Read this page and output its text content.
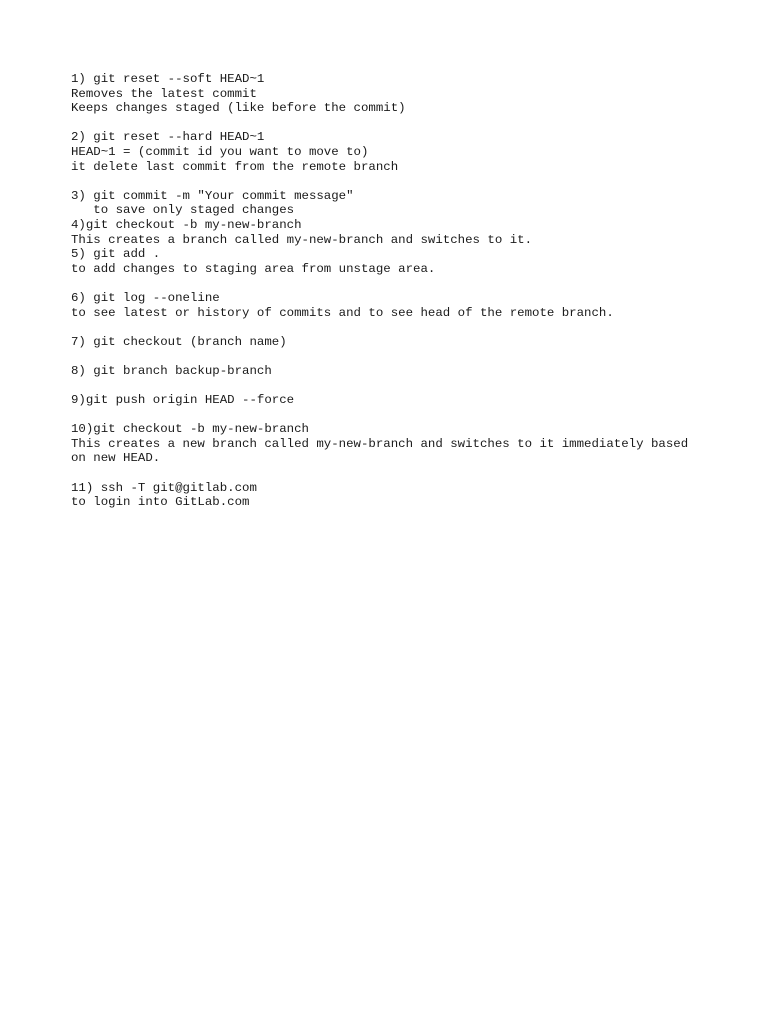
1) git reset --soft HEAD~1
Removes the latest commit
Keeps changes staged (like before the commit)
2) git reset --hard HEAD~1
HEAD~1 = (commit id you want to move to)
it delete last commit from the remote branch
3) git commit -m "Your commit message"
to save only staged changes
4)git checkout -b my-new-branch
This creates a branch called my-new-branch and switches to it.
5) git add .
to add changes to staging area from unstage area.
6) git log --oneline
to see latest or history of commits and to see head of the remote branch.
7) git checkout (branch name)
8) git branch backup-branch
9)git push origin HEAD --force
10)git checkout -b my-new-branch
This creates a new branch called my-new-branch and switches to it immediately based
on new HEAD.
11) ssh -T git@gitlab.com
to login into GitLab.com
